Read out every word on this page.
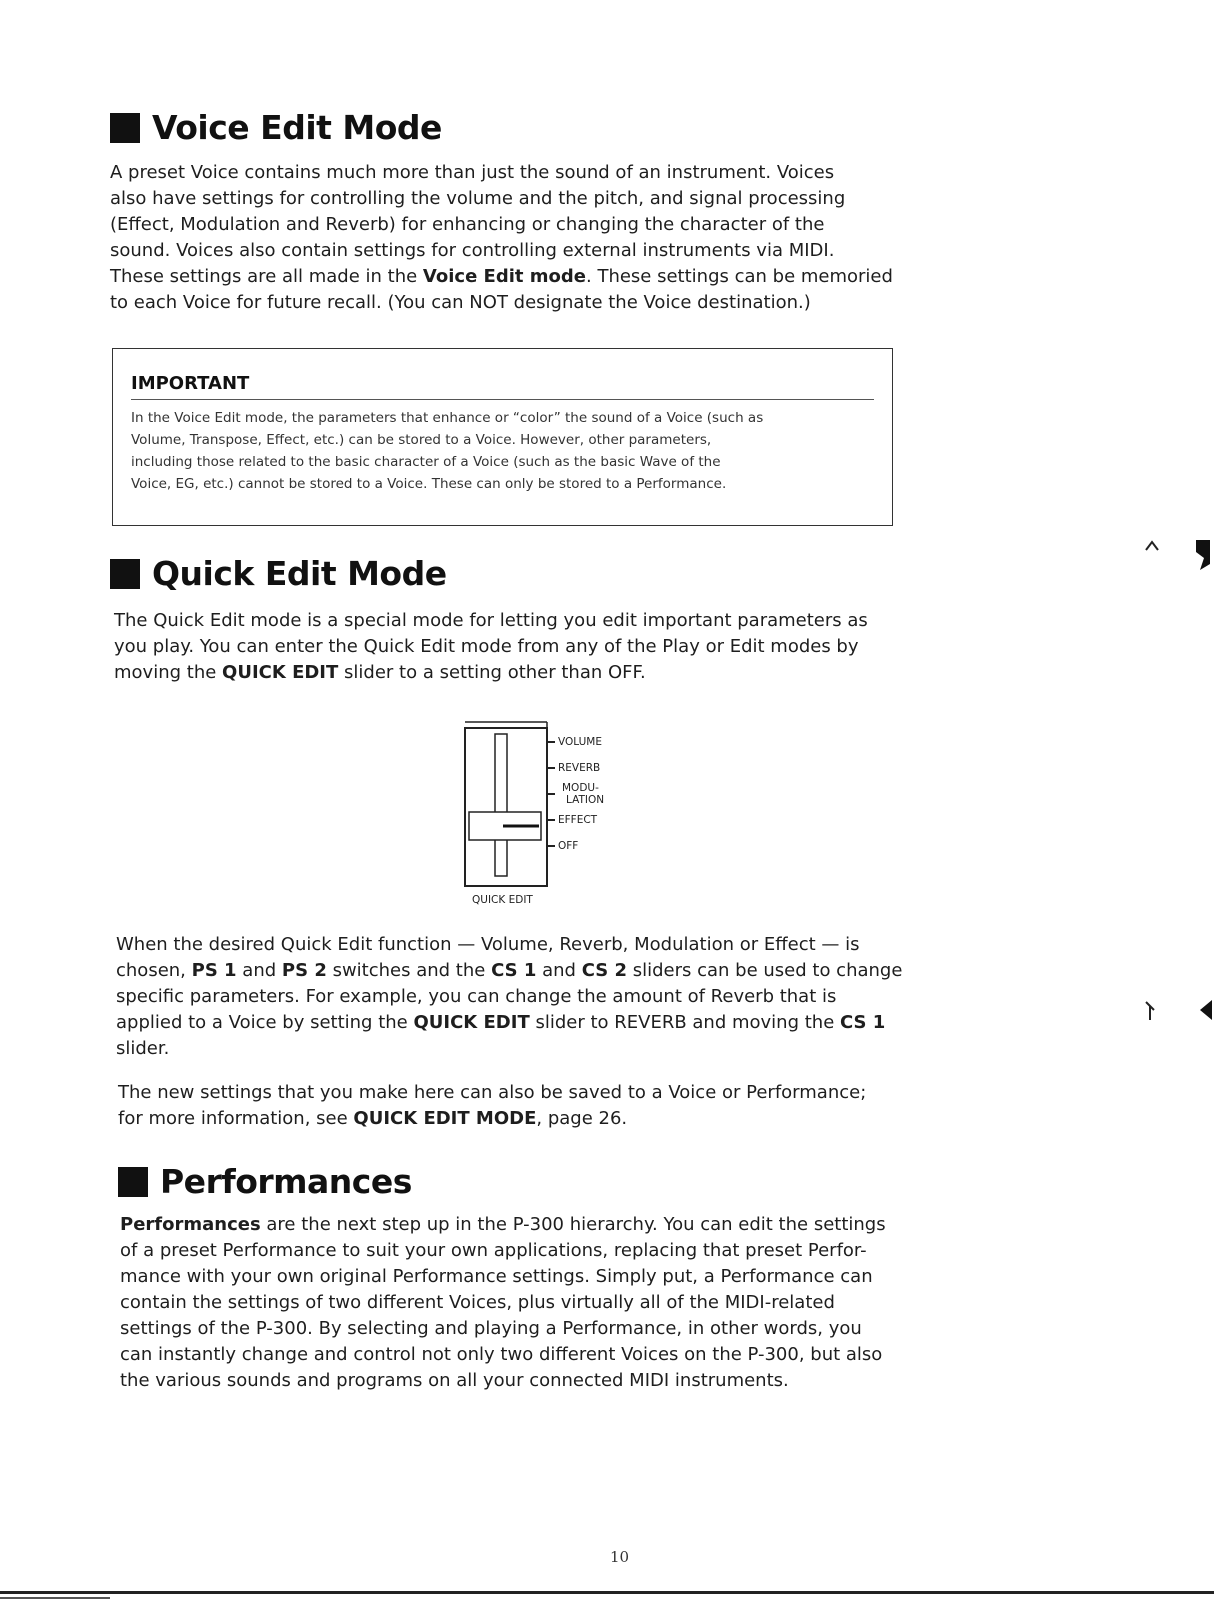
Voice Edit Mode
A preset Voice contains much more than just the sound of an instrument. Voices
also have settings for controlling the volume and the pitch, and signal processing
(Effect, Modulation and Reverb) for enhancing or changing the character of the
sound. Voices also contain settings for controlling external instruments via MIDI.
These settings are all made in the Voice Edit mode. These settings can be memoried
to each Voice for future recall. (You can NOT designate the Voice destination.)
IMPORTANT
In the Voice Edit mode, the parameters that enhance or “color” the sound of a Voice (such as
Volume, Transpose, Effect, etc.) can be stored to a Voice. However, other parameters,
including those related to the basic character of a Voice (such as the basic Wave of the
Voice, EG, etc.) cannot be stored to a Voice. These can only be stored to a Performance.
Quick Edit Mode
The Quick Edit mode is a special mode for letting you edit important parameters as
you play. You can enter the Quick Edit mode from any of the Play or Edit modes by
moving the QUICK EDIT slider to a setting other than OFF.
VOLUME
REVERB
MODU-
LATION
EFFECT
OFF
QUICK EDIT
When the desired Quick Edit function — Volume, Reverb, Modulation or Effect — is
chosen, PS 1 and PS 2 switches and the CS 1 and CS 2 sliders can be used to change
specific parameters. For example, you can change the amount of Reverb that is
applied to a Voice by setting the QUICK EDIT slider to REVERB and moving the CS 1
slider.
The new settings that you make here can also be saved to a Voice or Performance;
for more information, see QUICK EDIT MODE, page 26.
Performances
Performances are the next step up in the P-300 hierarchy. You can edit the settings
of a preset Performance to suit your own applications, replacing that preset Perfor-
mance with your own original Performance settings. Simply put, a Performance can
contain the settings of two different Voices, plus virtually all of the MIDI-related
settings of the P-300. By selecting and playing a Performance, in other words, you
can instantly change and control not only two different Voices on the P-300, but also
the various sounds and programs on all your connected MIDI instruments.
10
